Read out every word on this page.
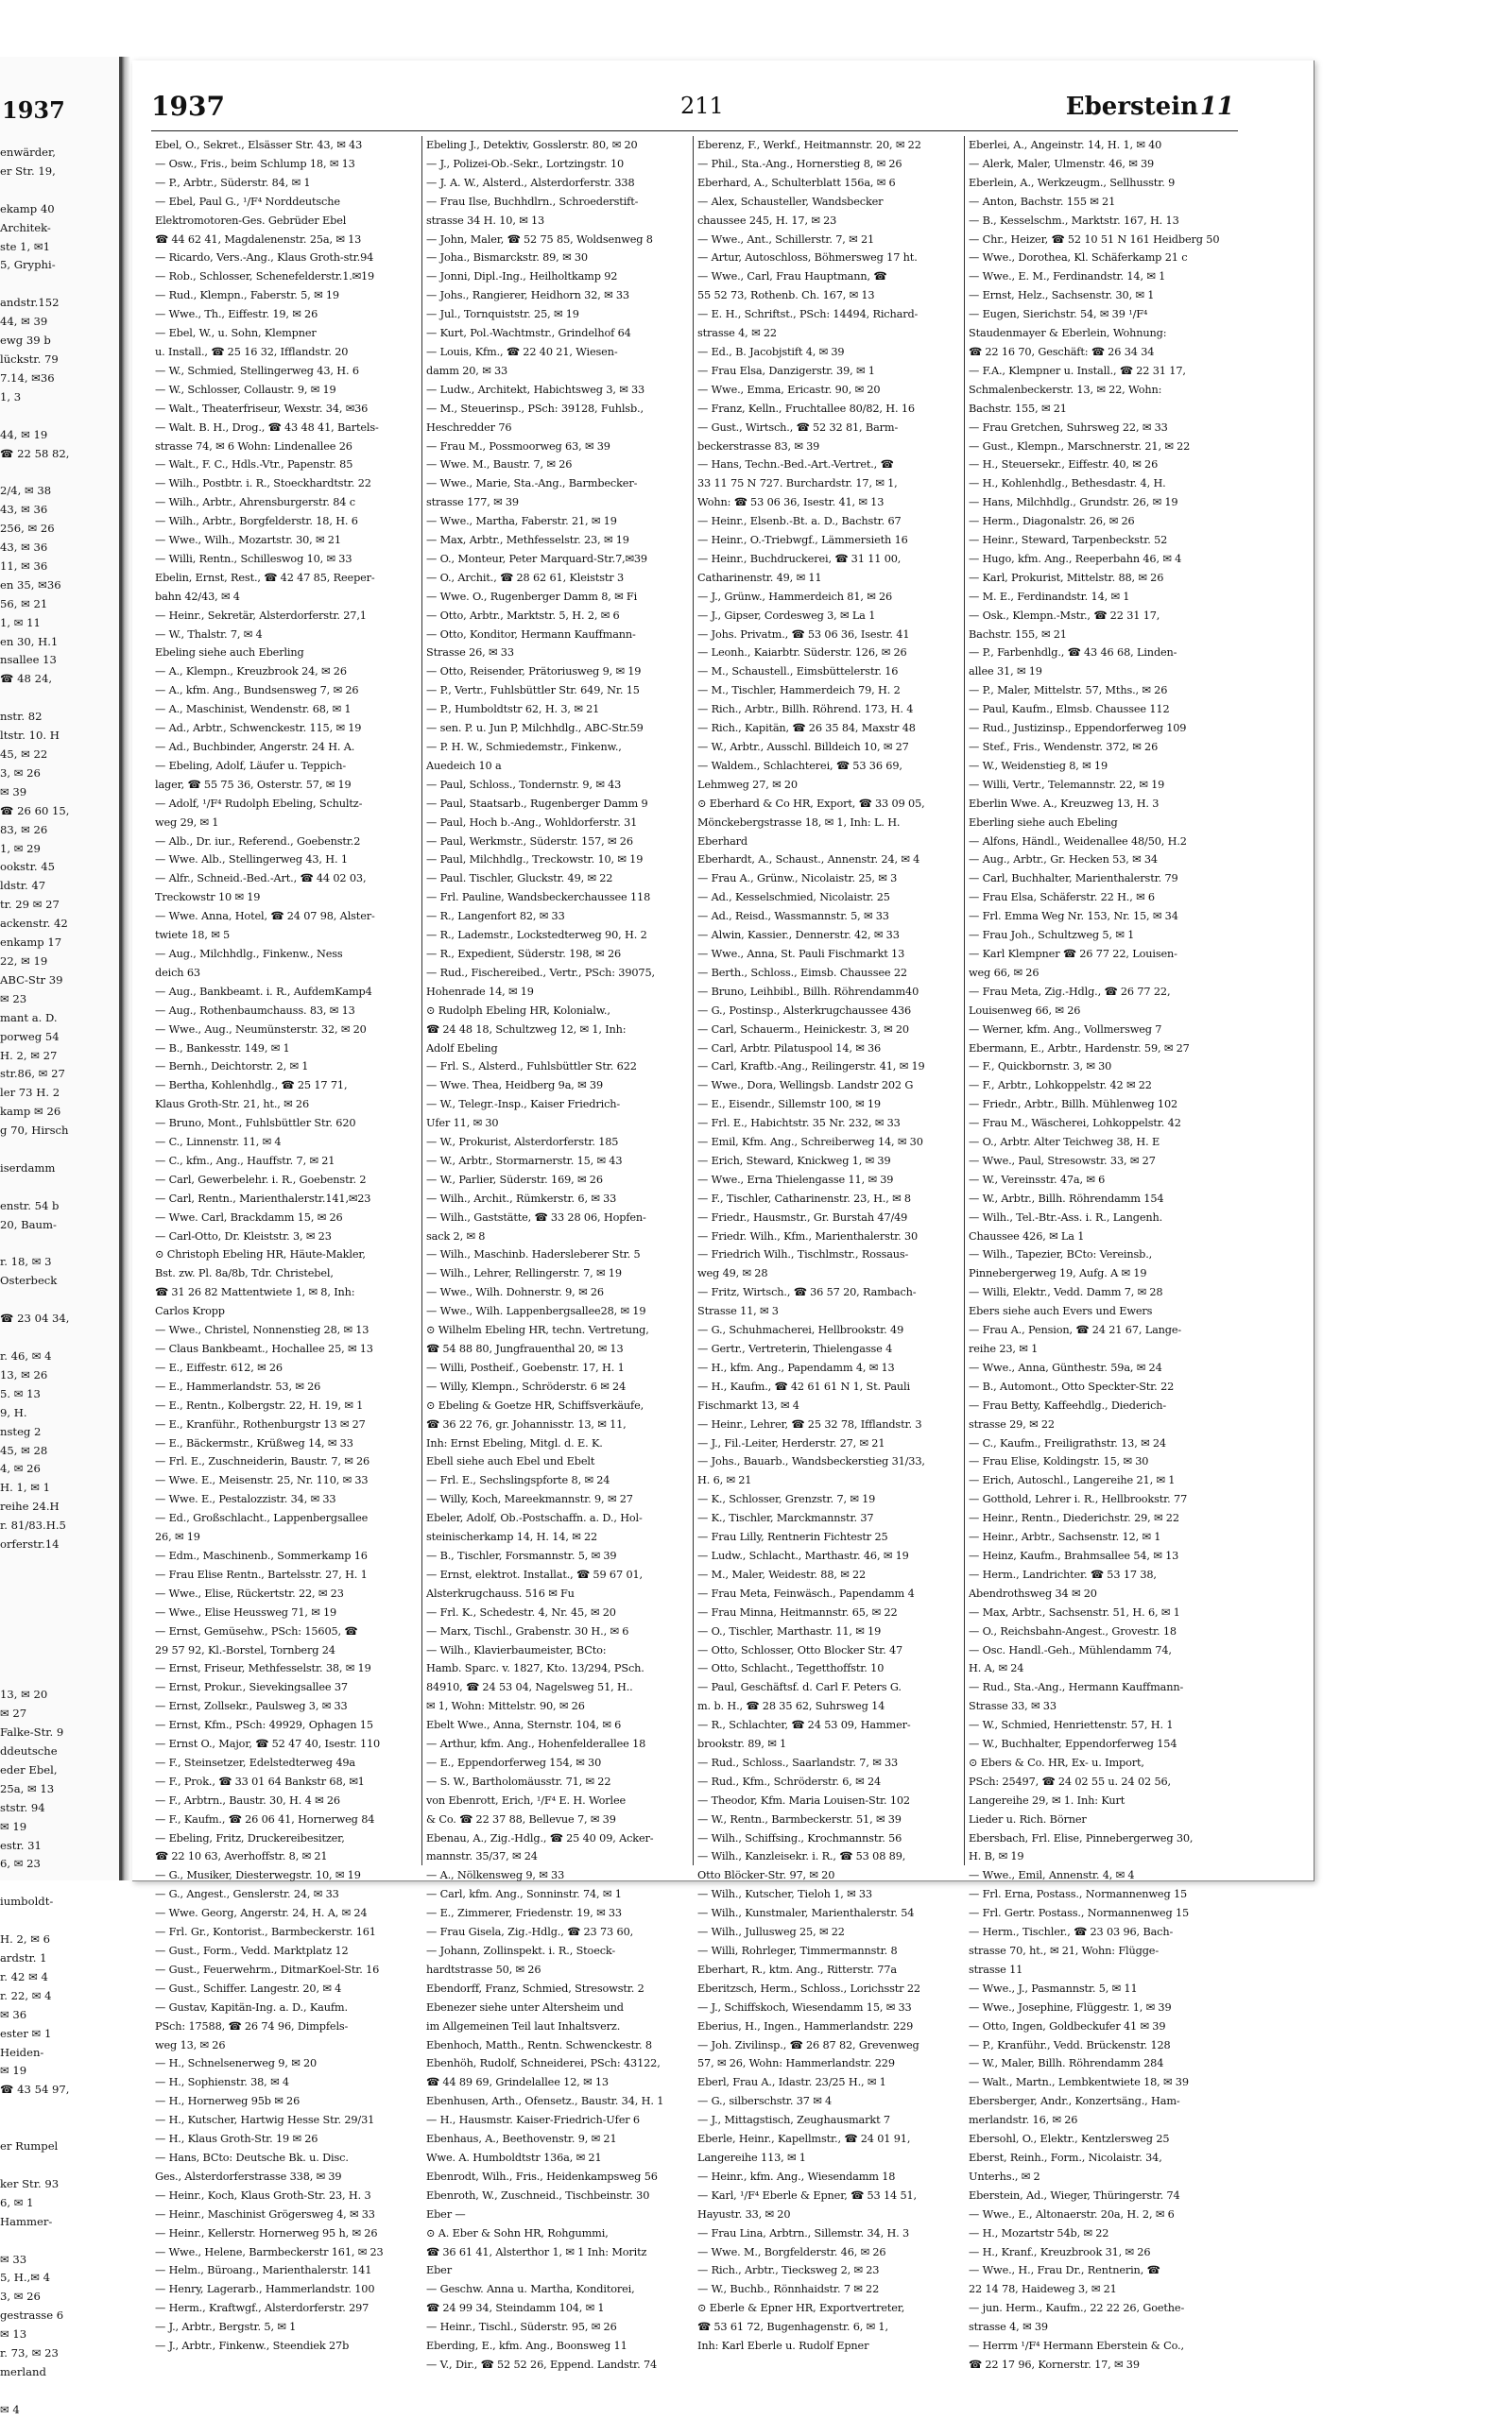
1937
enwärder,
er Str. 19,

ekamp 40
Architek-
ste 1, ✉1
5, Gryphi-

andstr.152
44, ✉ 39
ewg 39 b
lückstr. 79
7.14, ✉36
1, 3

44, ✉ 19
☎ 22 58 82,

2/4, ✉ 38
43, ✉ 36
256, ✉ 26
43, ✉ 36
11, ✉ 36
en 35, ✉36
56, ✉ 21
1, ✉ 11
en 30, H.1
nsallee 13
☎ 48 24,

nstr. 82
ltstr. 10. H
45, ✉ 22
3, ✉ 26
✉ 39
☎ 26 60 15,
83, ✉ 26
1, ✉ 29
ookstr. 45
ldstr. 47
tr. 29 ✉ 27
ackenstr. 42
enkamp 17
22, ✉ 19
ABC-Str 39
✉ 23
mant a. D.
porweg 54
H. 2, ✉ 27
str.86, ✉ 27
ler 73 H. 2
kamp ✉ 26
g 70, Hirsch

iserdamm

enstr. 54 b
20, Baum-

r. 18, ✉ 3
Osterbeck

☎ 23 04 34,

r. 46, ✉ 4
13, ✉ 26
5. ✉ 13
9, H.
nsteg 2
45, ✉ 28
4, ✉ 26
H. 1, ✉ 1
reihe 24.H
r. 81/83.H.5
orferstr.14

13, ✉ 20
✉ 27
Falke-Str. 9
ddeutsche
eder Ebel,
25a, ✉ 13
ststr. 94
✉ 19
estr. 31
6, ✉ 23

iumboldt-

H. 2, ✉ 6
ardstr. 1
r. 42 ✉ 4
r. 22, ✉ 4
✉ 36
ester ✉ 1
Heiden-
✉ 19
☎ 43 54 97,

er Rumpel

ker Str. 93
6, ✉ 1
Hammer-

✉ 33
5, H.,✉ 4
3, ✉ 26
gestrasse 6
✉ 13
r. 73, ✉ 23
merland

✉ 4
1937	211	Eberstein 11
Ebel, O., Sekret., Elsässer Str. 43, ✉ 43
— Osw., Fris., beim Schlump 18, ✉ 13
— P., Arbtr., Süderstr. 84, ✉ 1
— Ebel, Paul G., ¹/F⁴ Norddeutsche
Elektromotoren-Ges. Gebrüder Ebel
☎ 44 62 41, Magdalenenstr. 25a, ✉ 13
— Ricardo, Vers.-Ang., Klaus Groth-str.94
— Rob., Schlosser, Schenefelderstr.1.✉19
— Rud., Klempn., Faberstr. 5, ✉ 19
— Wwe., Th., Eiffestr. 19, ✉ 26
— Ebel, W., u. Sohn, Klempner
u. Install., ☎ 25 16 32, Ifflandstr. 20
— W., Schmied, Stellingerweg 43, H. 6
— W., Schlosser, Collaustr. 9, ✉ 19
— Walt., Theaterfriseur, Wexstr. 34, ✉36
— Walt. B. H., Drog., ☎ 43 48 41, Bartels-
strasse 74, ✉ 6 Wohn: Lindenallee 26
— Walt., F. C., Hdls.-Vtr., Papenstr. 85
— Wilh., Postbtr. i. R., Stoeckhardtstr. 22
— Wilh., Arbtr., Ahrensburgerstr. 84 c
— Wilh., Arbtr., Borgfelderstr. 18, H. 6
— Wwe., Wilh., Mozartstr. 30, ✉ 21
— Willi, Rentn., Schilleswog 10, ✉ 33
Ebelin, Ernst, Rest., ☎ 42 47 85, Reeper-
bahn 42/43, ✉ 4
— Heinr., Sekretär, Alsterdorferstr. 27,1
— W., Thalstr. 7, ✉ 4
Ebeling siehe auch Eberling
— A., Klempn., Kreuzbrook 24, ✉ 26
— A., kfm. Ang., Bundsensweg 7, ✉ 26
— A., Maschinist, Wendenstr. 68, ✉ 1
— Ad., Arbtr., Schwenckestr. 115, ✉ 19
— Ad., Buchbinder, Angerstr. 24 H. A.
— Ebeling, Adolf, Läufer u. Teppich-
lager, ☎ 55 75 36, Osterstr. 57, ✉ 19
— Adolf, ¹/F⁴ Rudolph Ebeling, Schultz-
weg 29, ✉ 1
— Alb., Dr. iur., Referend., Goebenstr.2
— Wwe. Alb., Stellingerweg 43, H. 1
— Alfr., Schneid.-Bed.-Art., ☎ 44 02 03,
Treckowstr 10 ✉ 19
— Wwe. Anna, Hotel, ☎ 24 07 98, Alster-
twiete 18, ✉ 5
— Aug., Milchhdlg., Finkenw., Ness
deich 63
— Aug., Bankbeamt. i. R., AufdemKamp4
— Aug., Rothenbaumchauss. 83, ✉ 13
— Wwe., Aug., Neumünsterstr. 32, ✉ 20
— B., Bankesstr. 149, ✉ 1
— Bernh., Deichtorstr. 2, ✉ 1
— Bertha, Kohlenhdlg., ☎ 25 17 71,
Klaus Groth-Str. 21, ht., ✉ 26
— Bruno, Mont., Fuhlsbüttler Str. 620
— C., Linnenstr. 11, ✉ 4
— C., kfm., Ang., Hauffstr. 7, ✉ 21
— Carl, Gewerbelehr. i. R., Goebenstr. 2
— Carl, Rentn., Marienthalerstr.141,✉23
— Wwe. Carl, Brackdamm 15, ✉ 26
— Carl-Otto, Dr. Kleiststr. 3, ✉ 23
⊙ Christoph Ebeling HR, Häute-Makler,
Bst. zw. Pl. 8a/8b, Tdr. Christebel,
☎ 31 26 82 Mattentwiete 1, ✉ 8, Inh:
Carlos Kropp
— Wwe., Christel, Nonnenstieg 28, ✉ 13
— Claus Bankbeamt., Hochallee 25, ✉ 13
— E., Eiffestr. 612, ✉ 26
— E., Hammerlandstr. 53, ✉ 26
— E., Rentn., Kolbergstr. 22, H. 19, ✉ 1
— E., Kranführ., Rothenburgstr 13 ✉ 27
— E., Bäckermstr., Krüßweg 14, ✉ 33
— Frl. E., Zuschneiderin, Baustr. 7, ✉ 26
— Wwe. E., Meisenstr. 25, Nr. 110, ✉ 33
— Wwe. E., Pestalozzistr. 34, ✉ 33
— Ed., Großschlacht., Lappenbergsallee
26, ✉ 19
— Edm., Maschinenb., Sommerkamp 16
— Frau Elise Rentn., Bartelsstr. 27, H. 1
— Wwe., Elise, Rückertstr. 22, ✉ 23
— Wwe., Elise Heussweg 71, ✉ 19
— Ernst, Gemüsehw., PSch: 15605, ☎
29 57 92, Kl.-Borstel, Tornberg 24
— Ernst, Friseur, Methfesselstr. 38, ✉ 19
— Ernst, Prokur., Sievekingsallee 37
— Ernst, Zollsekr., Paulsweg 3, ✉ 33
— Ernst, Kfm., PSch: 49929, Ophagen 15
— Ernst O., Major, ☎ 52 47 40, Isestr. 110
— F., Steinsetzer, Edelstedterweg 49a
— F., Prok., ☎ 33 01 64 Bankstr 68, ✉1
— F., Arbtrn., Baustr. 30, H. 4 ✉ 26
— F., Kaufm., ☎ 26 06 41, Hornerweg 84
— Ebeling, Fritz, Druckereibesitzer,
☎ 22 10 63, Averhoffstr. 8, ✉ 21
— G., Musiker, Diesterwegstr. 10, ✉ 19
— G., Angest., Genslerstr. 24, ✉ 33
— Wwe. Georg, Angerstr. 24, H. A, ✉ 24
— Frl. Gr., Kontorist., Barmbeckerstr. 161
— Gust., Form., Vedd. Marktplatz 12
— Gust., Feuerwehrm., DitmarKoel-Str. 16
— Gust., Schiffer. Langestr. 20, ✉ 4
— Gustav, Kapitän-Ing. a. D., Kaufm.
PSch: 17588, ☎ 26 74 96, Dimpfels-
weg 13, ✉ 26
— H., Schnelsenerweg 9, ✉ 20
— H., Sophienstr. 38, ✉ 4
— H., Hornerweg 95b ✉ 26
— H., Kutscher, Hartwig Hesse Str. 29/31
— H., Klaus Groth-Str. 19 ✉ 26
— Hans, BCto: Deutsche Bk. u. Disc.
Ges., Alsterdorferstrasse 338, ✉ 39
— Heinr., Koch, Klaus Groth-Str. 23, H. 3
— Heinr., Maschinist Grögersweg 4, ✉ 33
— Heinr., Kellerstr. Hornerweg 95 h, ✉ 26
— Wwe., Helene, Barmbeckerstr 161, ✉ 23
— Helm., Büroang., Marienthalerstr. 141
— Henry, Lagerarb., Hammerlandstr. 100
— Herm., Kraftwgf., Alsterdorferstr. 297
— J., Arbtr., Bergstr. 5, ✉ 1
— J., Arbtr., Finkenw., Steendiek 27b
Ebeling J., Detektiv, Gosslerstr. 80, ✉ 20
— J., Polizei-Ob.-Sekr., Lortzingstr. 10
— J. A. W., Alsterd., Alsterdorferstr. 338
— Frau Ilse, Buchhdlrn., Schroederstift-
strasse 34 H. 10, ✉ 13
— John, Maler, ☎ 52 75 85, Woldsenweg 8
— Joha., Bismarckstr. 89, ✉ 30
— Jonni, Dipl.-Ing., Heilholtkamp 92
— Johs., Rangierer, Heidhorn 32, ✉ 33
— Jul., Tornquiststr. 25, ✉ 19
— Kurt, Pol.-Wachtmstr., Grindelhof 64
— Louis, Kfm., ☎ 22 40 21, Wiesen-
damm 20, ✉ 33
— Ludw., Architekt, Habichtsweg 3, ✉ 33
— M., Steuerinsp., PSch: 39128, Fuhlsb.,
Heschredder 76
— Frau M., Possmoorweg 63, ✉ 39
— Wwe. M., Baustr. 7, ✉ 26
— Wwe., Marie, Sta.-Ang., Barmbecker-
strasse 177, ✉ 39
— Wwe., Martha, Faberstr. 21, ✉ 19
— Max, Arbtr., Methfesselstr. 23, ✉ 19
— O., Monteur, Peter Marquard-Str.7,✉39
— O., Archit., ☎ 28 62 61, Kleiststr 3
— Wwe. O., Rugenberger Damm 8, ✉ Fi
— Otto, Arbtr., Marktstr. 5, H. 2, ✉ 6
— Otto, Konditor, Hermann Kauffmann-
Strasse 26, ✉ 33
— Otto, Reisender, Prätoriusweg 9, ✉ 19
— P., Vertr., Fuhlsbüttler Str. 649, Nr. 15
— P., Humboldtstr 62, H. 3, ✉ 21
— sen. P. u. Jun P, Milchhdlg., ABC-Str.59
— P. H. W., Schmiedemstr., Finkenw.,
Auedeich 10 a
— Paul, Schloss., Tondernstr. 9, ✉ 43
— Paul, Staatsarb., Rugenberger Damm 9
— Paul, Hoch b.-Ang., Wohldorferstr. 31
— Paul, Werkmstr., Süderstr. 157, ✉ 26
— Paul, Milchhdlg., Treckowstr. 10, ✉ 19
— Paul. Tischler, Gluckstr. 49, ✉ 22
— Frl. Pauline, Wandsbeckerchaussee 118
— R., Langenfort 82, ✉ 33
— R., Lademstr., Lockstedterweg 90, H. 2
— R., Expedient, Süderstr. 198, ✉ 26
— Rud., Fischereibed., Vertr., PSch: 39075,
Hohenrade 14, ✉ 19
⊙ Rudolph Ebeling HR, Kolonialw.,
☎ 24 48 18, Schultzweg 12, ✉ 1, Inh:
Adolf Ebeling
— Frl. S., Alsterd., Fuhlsbüttler Str. 622
— Wwe. Thea, Heidberg 9a, ✉ 39
— W., Telegr.-Insp., Kaiser Friedrich-
Ufer 11, ✉ 30
— W., Prokurist, Alsterdorferstr. 185
— W., Arbtr., Stormarnerstr. 15, ✉ 43
— W., Parlier, Süderstr. 169, ✉ 26
— Wilh., Archit., Rümkerstr. 6, ✉ 33
— Wilh., Gaststätte, ☎ 33 28 06, Hopfen-
sack 2, ✉ 8
— Wilh., Maschinb. Hadersleberer Str. 5
— Wilh., Lehrer, Rellingerstr. 7, ✉ 19
— Wwe., Wilh. Dohnerstr. 9, ✉ 26
— Wwe., Wilh. Lappenbergsallee28, ✉ 19
⊙ Wilhelm Ebeling HR, techn. Vertretung,
☎ 54 88 80, Jungfrauenthal 20, ✉ 13
— Willi, Postheif., Goebenstr. 17, H. 1
— Willy, Klempn., Schröderstr. 6 ✉ 24
⊙ Ebeling & Goetze HR, Schiffsverkäufe,
☎ 36 22 76, gr. Johannisstr. 13, ✉ 11,
Inh: Ernst Ebeling, Mitgl. d. E. K.
Ebell siehe auch Ebel und Ebelt
— Frl. E., Sechslingspforte 8, ✉ 24
— Willy, Koch, Mareekmannstr. 9, ✉ 27
Ebeler, Adolf, Ob.-Postschaffn. a. D., Hol-
steinischerkamp 14, H. 14, ✉ 22
— B., Tischler, Forsmannstr. 5, ✉ 39
— Ernst, elektrot. Installat., ☎ 59 67 01,
Alsterkrugchauss. 516 ✉ Fu
— Frl. K., Schedestr. 4, Nr. 45, ✉ 20
— Marx, Tischl., Grabenstr. 30 H., ✉ 6
— Wilh., Klavierbaumeister, BCto:
Hamb. Sparc. v. 1827, Kto. 13/294, PSch.
84910, ☎ 24 53 04, Nagelsweg 51, H..
✉ 1, Wohn: Mittelstr. 90, ✉ 26
Ebelt Wwe., Anna, Sternstr. 104, ✉ 6
— Arthur, kfm. Ang., Hohenfelderallee 18
— E., Eppendorferweg 154, ✉ 30
— S. W., Bartholomäusstr. 71, ✉ 22
von Ebenrott, Erich, ¹/F⁴ E. H. Worlee
& Co. ☎ 22 37 88, Bellevue 7, ✉ 39
Ebenau, A., Zig.-Hdlg., ☎ 25 40 09, Acker-
mannstr. 35/37, ✉ 24
— A., Nölkensweg 9, ✉ 33
— Carl, kfm. Ang., Sonninstr. 74, ✉ 1
— E., Zimmerer, Friedenstr. 19, ✉ 33
— Frau Gisela, Zig.-Hdlg., ☎ 23 73 60,
— Johann, Zollinspekt. i. R., Stoeck-
hardtstrasse 50, ✉ 26
Ebendorff, Franz, Schmied, Stresowstr. 2
Ebenezer siehe unter Altersheim und
im Allgemeinen Teil laut Inhaltsverz.
Ebenhoch, Matth., Rentn. Schwenckestr. 8
Ebenhöh, Rudolf, Schneiderei, PSch: 43122,
☎ 44 89 69, Grindelallee 12, ✉ 13
Ebenhusen, Arth., Ofensetz., Baustr. 34, H. 1
— H., Hausmstr. Kaiser-Friedrich-Ufer 6
Ebenhaus, A., Beethovenstr. 9, ✉ 21
Wwe. A. Humboldtstr 136a, ✉ 21
Ebenrodt, Wilh., Fris., Heidenkampsweg 56
Ebenroth, W., Zuschneid., Tischbeinstr. 30
Eber —
⊙ A. Eber & Sohn HR, Rohgummi,
☎ 36 61 41, Alsterthor 1, ✉ 1 Inh: Moritz
Eber
— Geschw. Anna u. Martha, Konditorei,
☎ 24 99 34, Steindamm 104, ✉ 1
— Heinr., Tischl., Süderstr. 95, ✉ 26
Eberding, E., kfm. Ang., Boonsweg 11
— V., Dir., ☎ 52 52 26, Eppend. Landstr. 74
Eberenz, F., Werkf., Heitmannstr. 20, ✉ 22
— Phil., Sta.-Ang., Hornerstieg 8, ✉ 26
Eberhard, A., Schulterblatt 156a, ✉ 6
— Alex, Schausteller, Wandsbecker
chaussee 245, H. 17, ✉ 23
— Wwe., Ant., Schillerstr. 7, ✉ 21
— Artur, Autoschloss, Böhmersweg 17 ht.
— Wwe., Carl, Frau Hauptmann, ☎
55 52 73, Rothenb. Ch. 167, ✉ 13
— E. H., Schriftst., PSch: 14494, Richard-
strasse 4, ✉ 22
— Ed., B. Jacobjstift 4, ✉ 39
— Frau Elsa, Danzigerstr. 39, ✉ 1
— Wwe., Emma, Ericastr. 90, ✉ 20
— Franz, Kelln., Fruchtallee 80/82, H. 16
— Gust., Wirtsch., ☎ 52 32 81, Barm-
beckerstrasse 83, ✉ 39
— Hans, Techn.-Bed.-Art.-Vertret., ☎
33 11 75 N 727. Burchardstr. 17, ✉ 1,
Wohn: ☎ 53 06 36, Isestr. 41, ✉ 13
— Heinr., Elsenb.-Bt. a. D., Bachstr. 67
— Heinr., O.-Triebwgf., Lämmersieth 16
— Heinr., Buchdruckerei, ☎ 31 11 00,
Catharinenstr. 49, ✉ 11
— J., Grünw., Hammerdeich 81, ✉ 26
— J., Gipser, Cordesweg 3, ✉ La 1
— Johs. Privatm., ☎ 53 06 36, Isestr. 41
— Leonh., Kaiarbtr. Süderstr. 126, ✉ 26
— M., Schaustell., Eimsbüttelerstr. 16
— M., Tischler, Hammerdeich 79, H. 2
— Rich., Arbtr., Billh. Röhrend. 173, H. 4
— Rich., Kapitän, ☎ 26 35 84, Maxstr 48
— W., Arbtr., Ausschl. Billdeich 10, ✉ 27
— Waldem., Schlachterei, ☎ 53 36 69,
Lehmweg 27, ✉ 20
⊙ Eberhard & Co HR, Export, ☎ 33 09 05,
Mönckebergstrasse 18, ✉ 1, Inh: L. H.
Eberhard
Eberhardt, A., Schaust., Annenstr. 24, ✉ 4
— Frau A., Grünw., Nicolaistr. 25, ✉ 3
— Ad., Kesselschmied, Nicolaistr. 25
— Ad., Reisd., Wassmannstr. 5, ✉ 33
— Alwin, Kassier., Dennerstr. 42, ✉ 33
— Wwe., Anna, St. Pauli Fischmarkt 13
— Berth., Schloss., Eimsb. Chaussee 22
— Bruno, Leihbibl., Billh. Röhrendamm40
— G., Postinsp., Alsterkrugchaussee 436
— Carl, Schauerm., Heinickestr. 3, ✉ 20
— Carl, Arbtr. Pilatuspool 14, ✉ 36
— Carl, Kraftb.-Ang., Reilingerstr. 41, ✉ 19
— Wwe., Dora, Wellingsb. Landstr 202 G
— E., Eisendr., Sillemstr 100, ✉ 19
— Frl. E., Habichtstr. 35 Nr. 232, ✉ 33
— Emil, Kfm. Ang., Schreiberweg 14, ✉ 30
— Erich, Steward, Knickweg 1, ✉ 39
— Wwe., Erna Thielengasse 11, ✉ 39
— F., Tischler, Catharinenstr. 23, H., ✉ 8
— Friedr., Hausmstr., Gr. Burstah 47/49
— Friedr. Wilh., Kfm., Marienthalerstr. 30
— Friedrich Wilh., Tischlmstr., Rossaus-
weg 49, ✉ 28
— Fritz, Wirtsch., ☎ 36 57 20, Rambach-
Strasse 11, ✉ 3
— G., Schuhmacherei, Hellbrookstr. 49
— Gertr., Vertreterin, Thielengasse 4
— H., kfm. Ang., Papendamm 4, ✉ 13
— H., Kaufm., ☎ 42 61 61 N 1, St. Pauli
Fischmarkt 13, ✉ 4
— Heinr., Lehrer, ☎ 25 32 78, Ifflandstr. 3
— J., Fil.-Leiter, Herderstr. 27, ✉ 21
— Johs., Bauarb., Wandsbeckerstieg 31/33,
H. 6, ✉ 21
— K., Schlosser, Grenzstr. 7, ✉ 19
— K., Tischler, Marckmannstr. 37
— Frau Lilly, Rentnerin Fichtestr 25
— Ludw., Schlacht., Marthastr. 46, ✉ 19
— M., Maler, Weidestr. 88, ✉ 22
— Frau Meta, Feinwäsch., Papendamm 4
— Frau Minna, Heitmannstr. 65, ✉ 22
— O., Tischler, Marthastr. 11, ✉ 19
— Otto, Schlosser, Otto Blocker Str. 47
— Otto, Schlacht., Tegetthoffstr. 10
— Paul, Geschäftsf. d. Carl F. Peters G.
m. b. H., ☎ 28 35 62, Suhrsweg 14
— R., Schlachter, ☎ 24 53 09, Hammer-
brookstr. 89, ✉ 1
— Rud., Schloss., Saarlandstr. 7, ✉ 33
— Rud., Kfm., Schröderstr. 6, ✉ 24
— Theodor, Kfm. Maria Louisen-Str. 102
— W., Rentn., Barmbeckerstr. 51, ✉ 39
— Wilh., Schiffsing., Krochmannstr. 56
— Wilh., Kanzleisekr. i. R., ☎ 53 08 89,
Otto Blöcker-Str. 97, ✉ 20
— Wilh., Kutscher, Tieloh 1, ✉ 33
— Wilh., Kunstmaler, Marienthalerstr. 54
— Wilh., Jullusweg 25, ✉ 22
— Willi, Rohrleger, Timmermannstr. 8
Eberhart, R., ktm. Ang., Ritterstr. 77a
Eberitzsch, Herm., Schloss., Lorichsstr 22
— J., Schiffskoch, Wiesendamm 15, ✉ 33
Eberius, H., Ingen., Hammerlandstr. 229
— Joh. Zivilinsp., ☎ 26 87 82, Grevenweg
57, ✉ 26, Wohn: Hammerlandstr. 229
Eberl, Frau A., Idastr. 23/25 H., ✉ 1
— G., silberschstr. 37 ✉ 4
— J., Mittagstisch, Zeughausmarkt 7
Eberle, Heinr., Kapellmstr., ☎ 24 01 91,
Langereihe 113, ✉ 1
— Heinr., kfm. Ang., Wiesendamm 18
— Karl, ¹/F⁴ Eberle & Epner, ☎ 53 14 51,
Hayustr. 33, ✉ 20
— Frau Lina, Arbtrn., Sillemstr. 34, H. 3
— Wwe. M., Borgfelderstr. 46, ✉ 26
— Rich., Arbtr., Tiecksweg 2, ✉ 23
— W., Buchb., Rönnhaidstr. 7 ✉ 22
⊙ Eberle & Epner HR, Exportvertreter,
☎ 53 61 72, Bugenhagenstr. 6, ✉ 1,
Inh: Karl Eberle u. Rudolf Epner
Eberlei, A., Angeinstr. 14, H. 1, ✉ 40
— Alerk, Maler, Ulmenstr. 46, ✉ 39
Eberlein, A., Werkzeugm., Sellhusstr. 9
— Anton, Bachstr. 155 ✉ 21
— B., Kesselschm., Marktstr. 167, H. 13
— Chr., Heizer, ☎ 52 10 51 N 161 Heidberg 50
— Wwe., Dorothea, Kl. Schäferkamp 21 c
— Wwe., E. M., Ferdinandstr. 14, ✉ 1
— Ernst, Helz., Sachsenstr. 30, ✉ 1
— Eugen, Sierichstr. 54, ✉ 39 ¹/F⁴
Staudenmayer & Eberlein, Wohnung:
☎ 22 16 70, Geschäft: ☎ 26 34 34
— F.A., Klempner u. Install., ☎ 22 31 17,
Schmalenbeckerstr. 13, ✉ 22, Wohn:
Bachstr. 155, ✉ 21
— Frau Gretchen, Suhrsweg 22, ✉ 33
— Gust., Klempn., Marschnerstr. 21, ✉ 22
— H., Steuersekr., Eiffestr. 40, ✉ 26
— H., Kohlenhdlg., Bethesdastr. 4, H.
— Hans, Milchhdlg., Grundstr. 26, ✉ 19
— Herm., Diagonalstr. 26, ✉ 26
— Heinr., Steward, Tarpenbeckstr. 52
— Hugo, kfm. Ang., Reeperbahn 46, ✉ 4
— Karl, Prokurist, Mittelstr. 88, ✉ 26
— M. E., Ferdinandstr. 14, ✉ 1
— Osk., Klempn.-Mstr., ☎ 22 31 17,
Bachstr. 155, ✉ 21
— P., Farbenhdlg., ☎ 43 46 68, Linden-
allee 31, ✉ 19
— P., Maler, Mittelstr. 57, Mths., ✉ 26
— Paul, Kaufm., Elmsb. Chaussee 112
— Rud., Justizinsp., Eppendorferweg 109
— Stef., Fris., Wendenstr. 372, ✉ 26
— W., Weidenstieg 8, ✉ 19
— Willi, Vertr., Telemannstr. 22, ✉ 19
Eberlin Wwe. A., Kreuzweg 13, H. 3
Eberling siehe auch Ebeling
— Alfons, Händl., Weidenallee 48/50, H.2
— Aug., Arbtr., Gr. Hecken 53, ✉ 34
— Carl, Buchhalter, Marienthalerstr. 79
— Frau Elsa, Schäferstr. 22 H., ✉ 6
— Frl. Emma Weg Nr. 153, Nr. 15, ✉ 34
— Frau Joh., Schultzweg 5, ✉ 1
— Karl Klempner ☎ 26 77 22, Louisen-
weg 66, ✉ 26
— Frau Meta, Zig.-Hdlg., ☎ 26 77 22,
Louisenweg 66, ✉ 26
— Werner, kfm. Ang., Vollmersweg 7
Ebermann, E., Arbtr., Hardenstr. 59, ✉ 27
— F., Quickbornstr. 3, ✉ 30
— F., Arbtr., Lohkoppelstr. 42 ✉ 22
— Friedr., Arbtr., Billh. Mühlenweg 102
— Frau M., Wäscherei, Lohkoppelstr. 42
— O., Arbtr. Alter Teichweg 38, H. E
— Wwe., Paul, Stresowstr. 33, ✉ 27
— W., Vereinsstr. 47a, ✉ 6
— W., Arbtr., Billh. Röhrendamm 154
— Wilh., Tel.-Btr.-Ass. i. R., Langenh.
Chaussee 426, ✉ La 1
— Wilh., Tapezier, BCto: Vereinsb.,
Pinnebergerweg 19, Aufg. A ✉ 19
— Willi, Elektr., Vedd. Damm 7, ✉ 28
Ebers siehe auch Evers und Ewers
— Frau A., Pension, ☎ 24 21 67, Lange-
reihe 23, ✉ 1
— Wwe., Anna, Günthestr. 59a, ✉ 24
— B., Automont., Otto Speckter-Str. 22
— Frau Betty, Kaffeehdlg., Diederich-
strasse 29, ✉ 22
— C., Kaufm., Freiligrathstr. 13, ✉ 24
— Frau Elise, Koldingstr. 15, ✉ 30
— Erich, Autoschl., Langereihe 21, ✉ 1
— Gotthold, Lehrer i. R., Hellbrookstr. 77
— Heinr., Rentn., Diederichstr. 29, ✉ 22
— Heinr., Arbtr., Sachsenstr. 12, ✉ 1
— Heinz, Kaufm., Brahmsallee 54, ✉ 13
— Herm., Landrichter. ☎ 53 17 38,
Abendrothsweg 34 ✉ 20
— Max, Arbtr., Sachsenstr. 51, H. 6, ✉ 1
— O., Reichsbahn-Angest., Grovestr. 18
— Osc. Handl.-Geh., Mühlendamm 74,
H. A, ✉ 24
— Rud., Sta.-Ang., Hermann Kauffmann-
Strasse 33, ✉ 33
— W., Schmied, Henriettenstr. 57, H. 1
— W., Buchhalter, Eppendorferweg 154
⊙ Ebers & Co. HR, Ex- u. Import,
PSch: 25497, ☎ 24 02 55 u. 24 02 56,
Langereihe 29, ✉ 1. Inh: Kurt
Lieder u. Rich. Börner
Ebersbach, Frl. Elise, Pinnebergerweg 30,
H. B, ✉ 19
— Wwe., Emil, Annenstr. 4, ✉ 4
— Frl. Erna, Postass., Normannenweg 15
— Frl. Gertr. Postass., Normannenweg 15
— Herm., Tischler., ☎ 23 03 96, Bach-
strasse 70, ht., ✉ 21, Wohn: Flügge-
strasse 11
— Wwe., J., Pasmannstr. 5, ✉ 11
— Wwe., Josephine, Flüggestr. 1, ✉ 39
— Otto, Ingen, Goldbeckufer 41 ✉ 39
— P., Kranführ., Vedd. Brückenstr. 128
— W., Maler, Billh. Röhrendamm 284
— Walt., Martn., Lembkentwiete 18, ✉ 39
Ebersberger, Andr., Konzertsäng., Ham-
merlandstr. 16, ✉ 26
Ebersohl, O., Elektr., Kentzlersweg 25
Eberst, Reinh., Form., Nicolaistr. 34,
Unterhs., ✉ 2
Eberstein, Ad., Wieger, Thüringerstr. 74
— Wwe., E., Altonaerstr. 20a, H. 2, ✉ 6
— H., Mozartstr 54b, ✉ 22
— H., Kranf., Kreuzbrook 31, ✉ 26
— Wwe., H., Frau Dr., Rentnerin, ☎
22 14 78, Haideweg 3, ✉ 21
— jun. Herm., Kaufm., 22 22 26, Goethe-
strasse 4, ✉ 39
— Herrm ¹/F⁴ Hermann Eberstein & Co.,
☎ 22 17 96, Kornerstr. 17, ✉ 39
